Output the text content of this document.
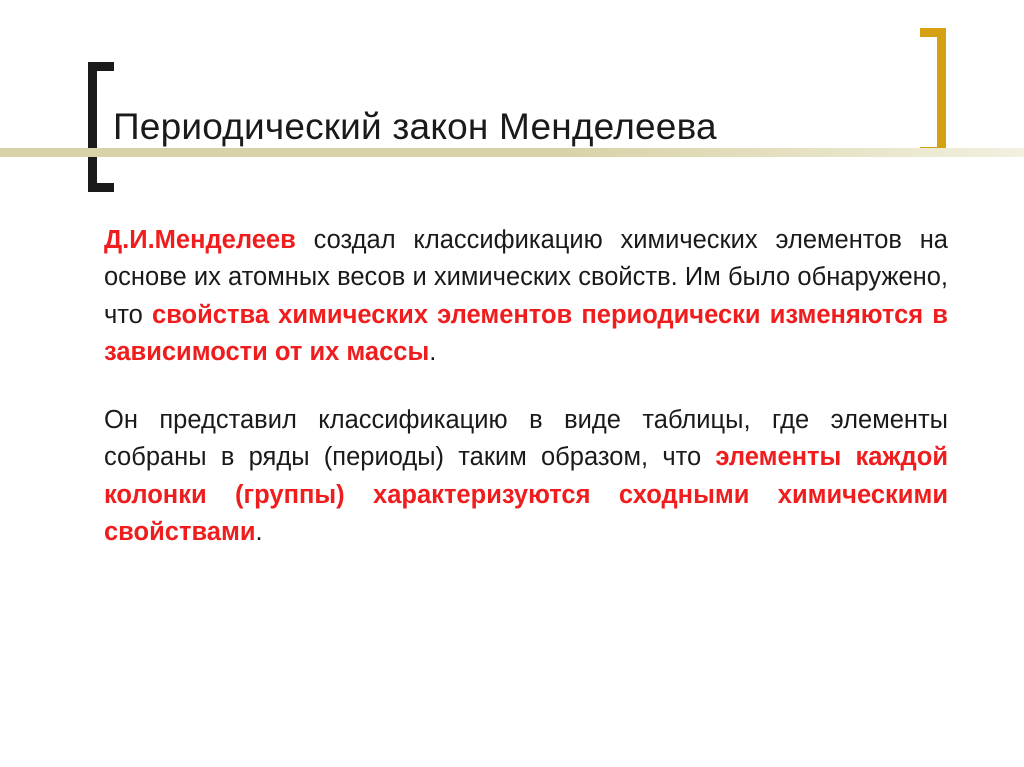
Периодический закон Менделеева

Д.И.Менделеев создал классификацию химических элементов на основе их атомных весов и химических свойств. Им было обнаружено, что свойства химических элементов периодически изменяются в зависимости от их массы.

Он представил классификацию в виде таблицы, где элементы собраны в ряды (периоды) таким образом, что элементы каждой колонки (группы) характеризуются сходными химическими свойствами.
